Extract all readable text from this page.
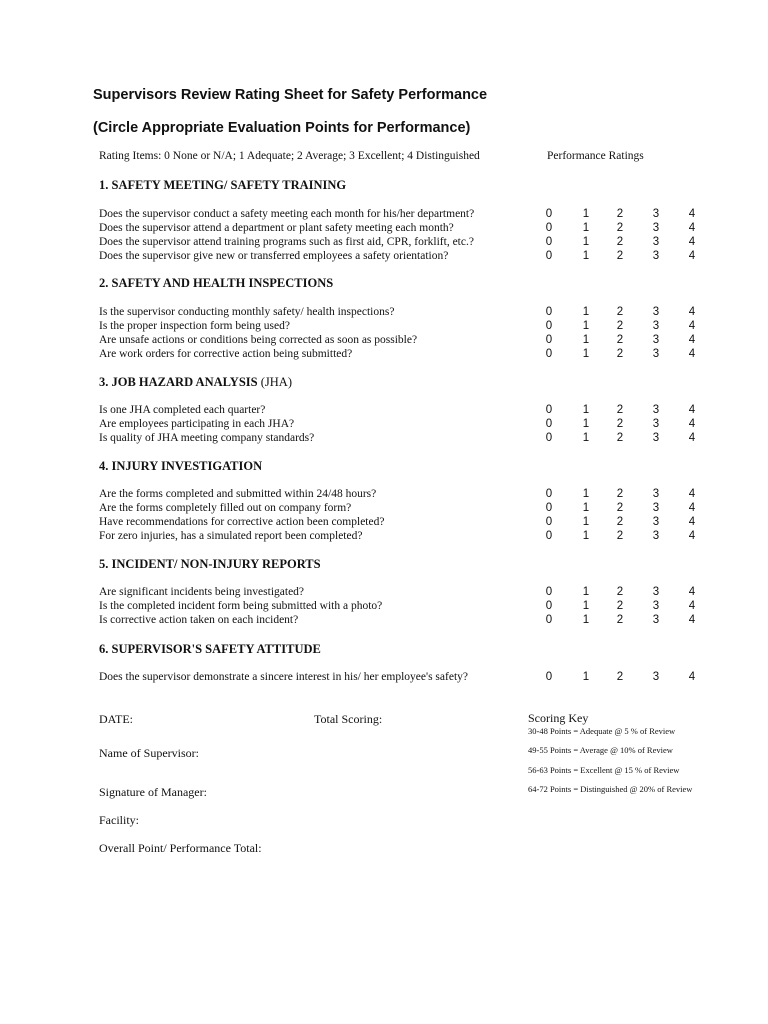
Supervisors Review Rating Sheet for Safety Performance
(Circle Appropriate Evaluation Points for Performance)
Rating Items: 0 None or N/A; 1 Adequate; 2 Average; 3 Excellent; 4 Distinguished	Performance Ratings
1. SAFETY MEETING/ SAFETY TRAINING
Does the supervisor conduct a safety meeting each month for his/her department?	0	1 2	3	4
Does the supervisor attend a department or plant safety meeting each month?	0	1 2	3	4
Does the supervisor attend training programs such as first aid, CPR, forklift, etc.?	0	1 2	3	4
Does the supervisor give new or transferred employees a safety orientation?	0	1 2	3	4
2. SAFETY AND HEALTH INSPECTIONS
Is the supervisor conducting monthly safety/ health inspections?	0	1 2	3	4
Is the proper inspection form being used?	0	1 2	3	4
Are unsafe actions or conditions being corrected as soon as possible?	0	1 2	3	4
Are work orders for corrective action being submitted?	0	1 2	3	4
3. JOB HAZARD ANALYSIS (JHA)
Is one JHA completed each quarter?	0	1 2	3	4
Are employees participating in each JHA?	0	1 2	3	4
Is quality of JHA meeting company standards?	0	1 2	3	4
4. INJURY INVESTIGATION
Are the forms completed and submitted within 24/48 hours?	0	1 2	3	4
Are the forms completely filled out on company form?	0	1 2	3	4
Have recommendations for corrective action been completed?	0	1 2	3	4
For zero injuries, has a simulated report been completed?	0	1 2	3	4
5. INCIDENT/ NON-INJURY REPORTS
Are significant incidents being investigated?	0	1 2	3	4
Is the completed incident form being submitted with a photo?	0	1 2	3	4
Is corrective action taken on each incident?	0	1 2	3	4
6. SUPERVISOR'S SAFETY ATTITUDE
Does the supervisor demonstrate a sincere interest in his/ her employee's safety?	0	1 2	3	4
DATE:	Total Scoring:
Name of Supervisor:
Signature of Manager:
Facility:
Overall Point/ Performance Total:
Scoring Key
30-48 Points = Adequate @ 5 % of Review
49-55 Points = Average @ 10% of Review
56-63 Points = Excellent @ 15 % of Review
64-72 Points = Distinguished @ 20% of Review
